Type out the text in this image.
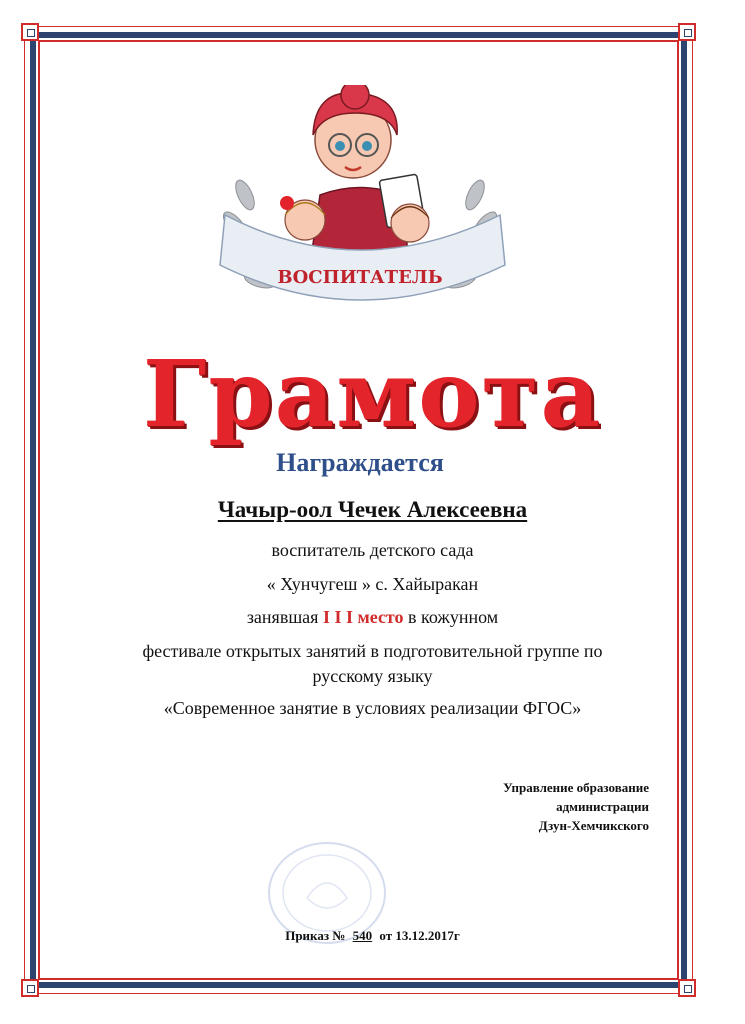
ВОСПИТАТЕЛЬ
Грамота
Награждается
Чачыр-оол Чечек Алексеевна
воспитатель детского сада
« Хунчугеш » с. Хайыракан
занявшая I I I место в кожунном
фестивале открытых занятий в подготовительной группе по
русскому языку
«Современное занятие в условиях реализации ФГОС»
Управление образование
администрации
Дзун-Хемчикского
Приказ № 540 от 13.12.2017г
